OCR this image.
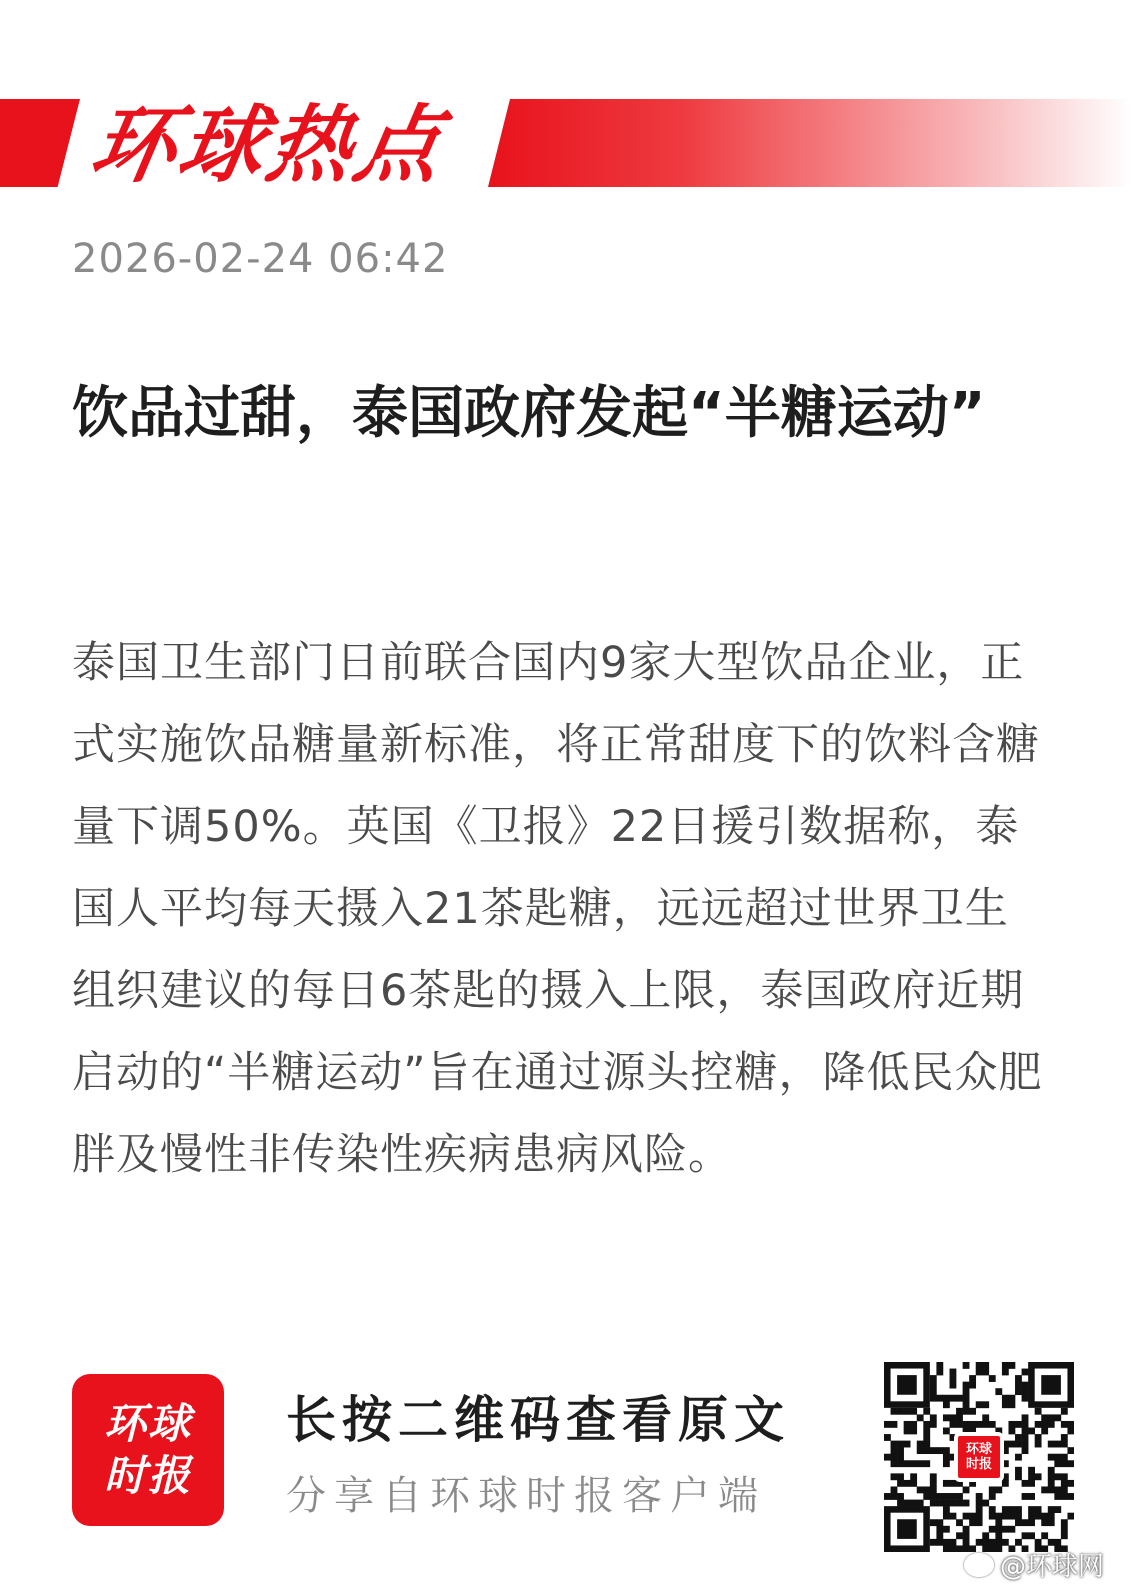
环球热点
2026-02-24 06:42
饮品过甜，泰国政府发起“半糖运动”
泰国卫生部门日前联合国内9家大型饮品企业，正式实施饮品糖量新标准，将正常甜度下的饮料含糖量下调50%。英国《卫报》22日援引数据称，泰国人平均每天摄入21茶匙糖，远远超过世界卫生组织建议的每日6茶匙的摄入上限，泰国政府近期启动的“半糖运动”旨在通过源头控糖，降低民众肥胖及慢性非传染性疾病患病风险。
环球
时报
长按二维码查看原文
分享自环球时报客户端
环球
时报
@环球网
